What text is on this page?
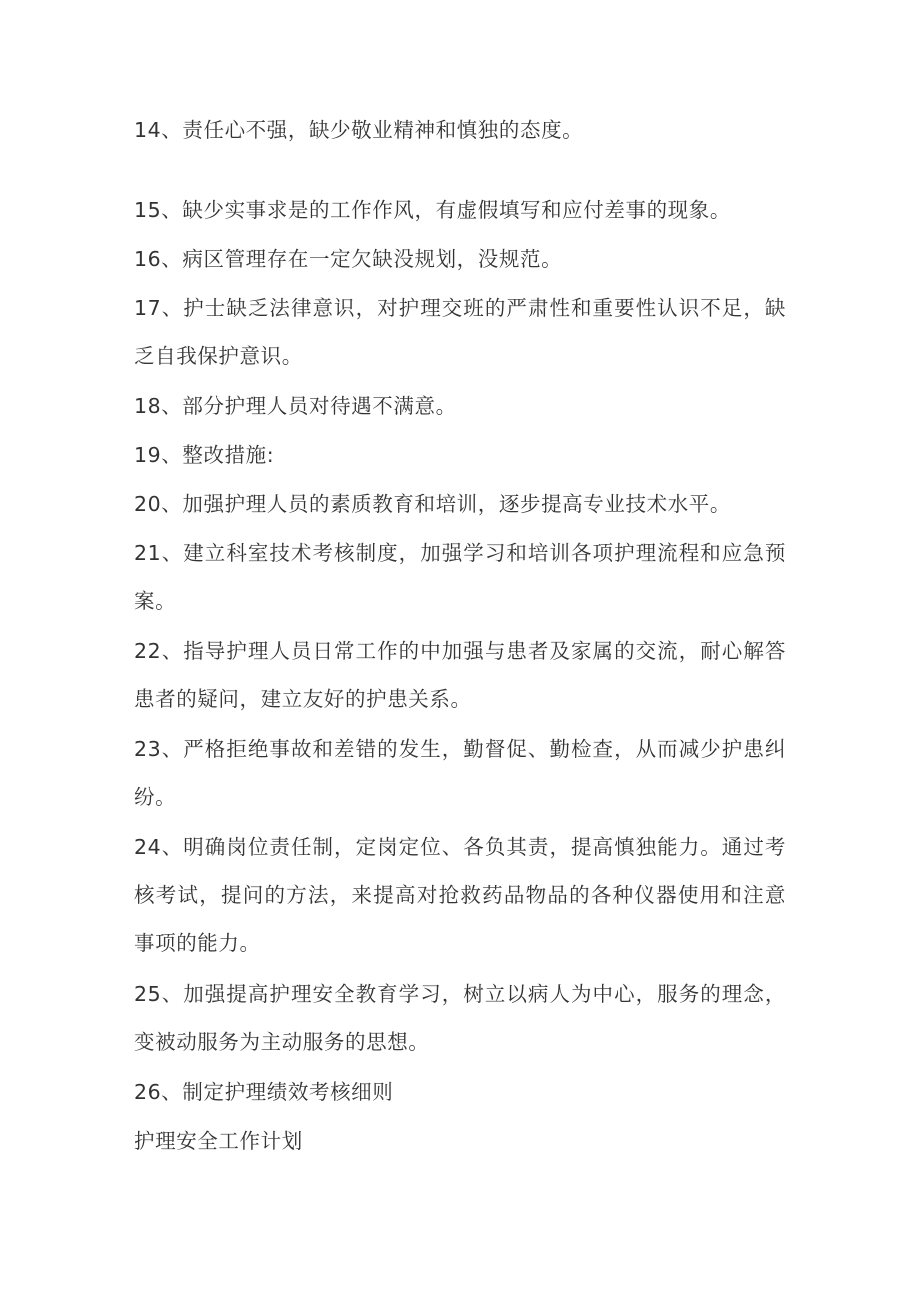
14、责任心不强，缺少敬业精神和慎独的态度。

15、缺少实事求是的工作作风，有虚假填写和应付差事的现象。

16、病区管理存在一定欠缺没规划，没规范。

17、护士缺乏法律意识，对护理交班的严肃性和重要性认识不足，缺乏自我保护意识。

18、部分护理人员对待遇不满意。

19、整改措施:

20、加强护理人员的素质教育和培训，逐步提高专业技术水平。

21、建立科室技术考核制度，加强学习和培训各项护理流程和应急预案。

22、指导护理人员日常工作的中加强与患者及家属的交流，耐心解答患者的疑问，建立友好的护患关系。

23、严格拒绝事故和差错的发生，勤督促、勤检查，从而减少护患纠纷。

24、明确岗位责任制，定岗定位、各负其责，提高慎独能力。通过考核考试，提问的方法，来提高对抢救药品物品的各种仪器使用和注意事项的能力。

25、加强提高护理安全教育学习，树立以病人为中心，服务的理念，变被动服务为主动服务的思想。

26、制定护理绩效考核细则

护理安全工作计划
